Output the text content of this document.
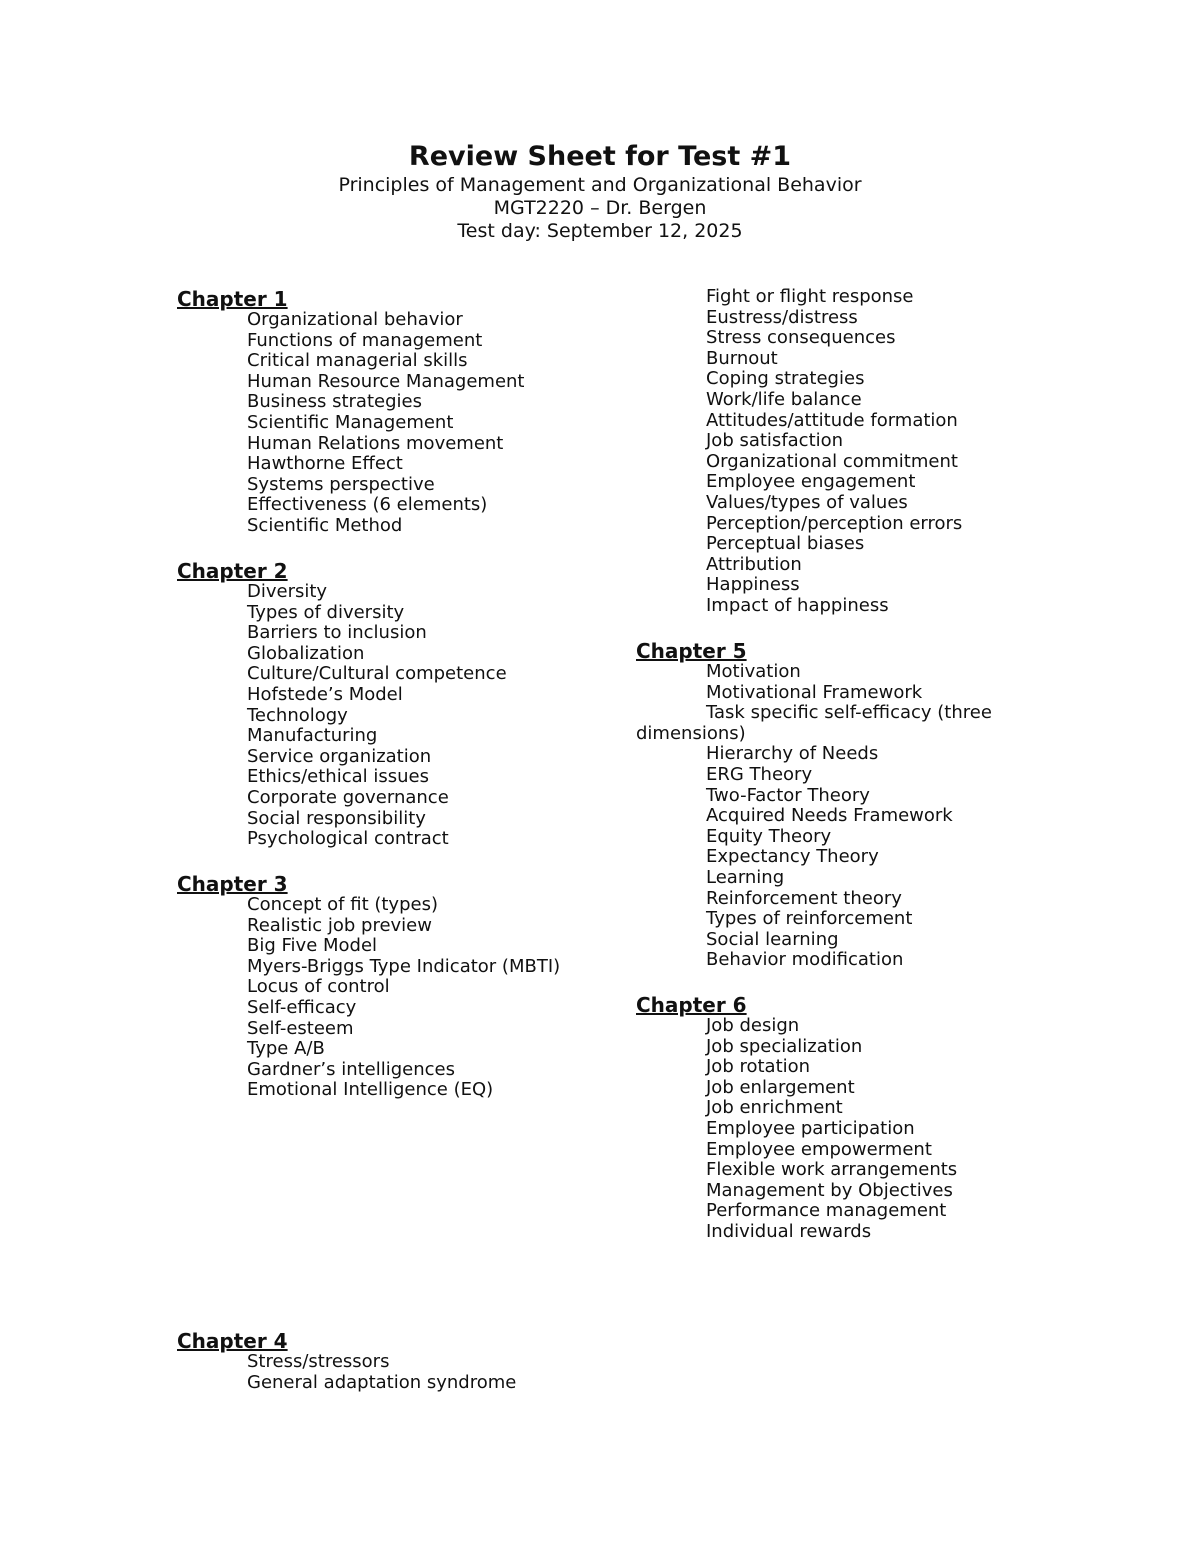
Review Sheet for Test #1
Principles of Management and Organizational Behavior
MGT2220 – Dr. Bergen
Test day: September 12, 2025
Chapter 1
Organizational behavior
Functions of management
Critical managerial skills
Human Resource Management
Business strategies
Scientific Management
Human Relations movement
Hawthorne Effect
Systems perspective
Effectiveness (6 elements)
Scientific Method
Chapter 2
Diversity
Types of diversity
Barriers to inclusion
Globalization
Culture/Cultural competence
Hofstede’s Model
Technology
Manufacturing
Service organization
Ethics/ethical issues
Corporate governance
Social responsibility
Psychological contract
Chapter 3
Concept of fit (types)
Realistic job preview
Big Five Model
Myers-Briggs Type Indicator (MBTI)
Locus of control
Self-efficacy
Self-esteem
Type A/B
Gardner’s intelligences
Emotional Intelligence (EQ)
Chapter 4
Stress/stressors
General adaptation syndrome
Fight or flight response
Eustress/distress
Stress consequences
Burnout
Coping strategies
Work/life balance
Attitudes/attitude formation
Job satisfaction
Organizational commitment
Employee engagement
Values/types of values
Perception/perception errors
Perceptual biases
Attribution
Happiness
Impact of happiness
Chapter 5
Motivation
Motivational Framework
Task specific self-efficacy (three dimensions)
Hierarchy of Needs
ERG Theory
Two-Factor Theory
Acquired Needs Framework
Equity Theory
Expectancy Theory
Learning
Reinforcement theory
Types of reinforcement
Social learning
Behavior modification
Chapter 6
Job design
Job specialization
Job rotation
Job enlargement
Job enrichment
Employee participation
Employee empowerment
Flexible work arrangements
Management by Objectives
Performance management
Individual rewards
